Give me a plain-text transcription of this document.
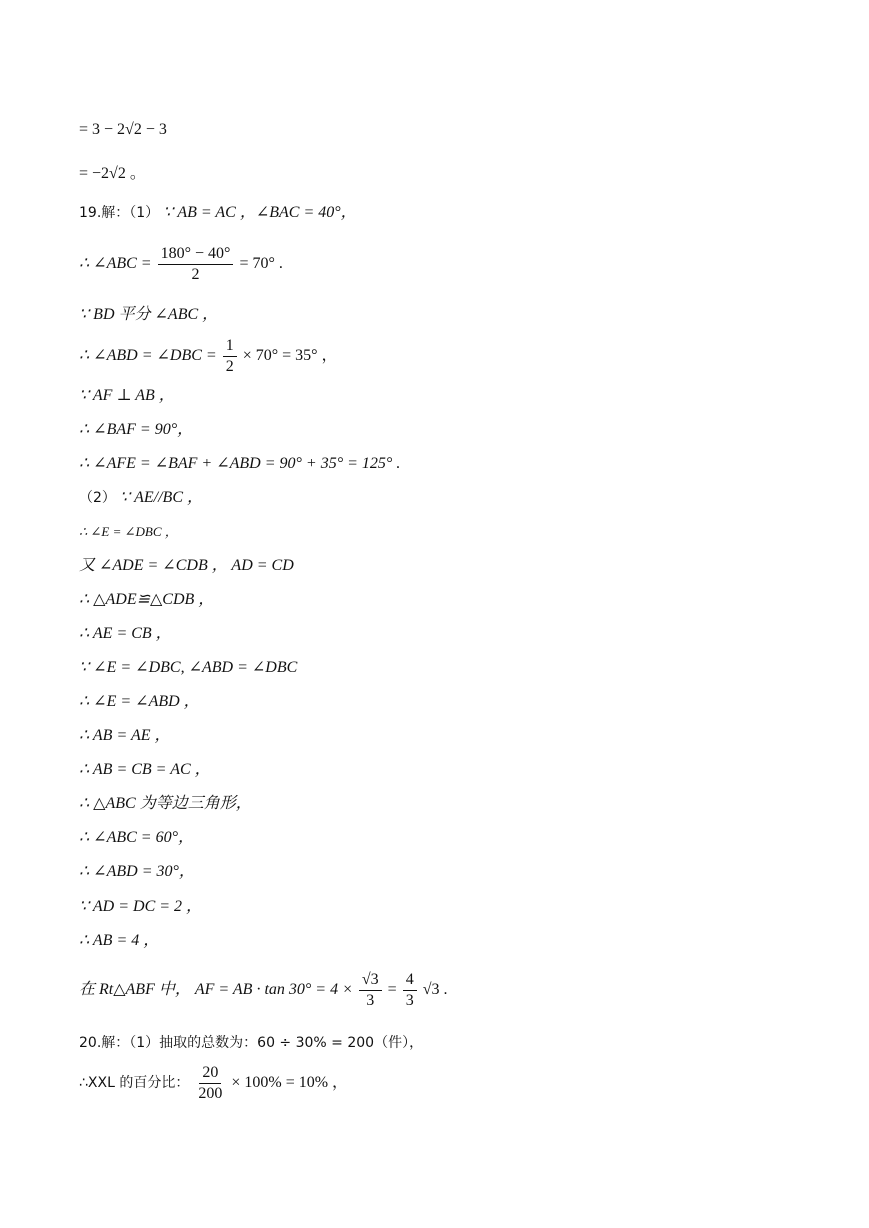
= 3 − 2√2 − 3
= −2√2 。
19.解：（1） ∵ AB = AC ，∠BAC = 40°，
∴ ∠ABC = $\frac{180^\circ - 40^\circ}{2} = 70^\circ$ .
∵ BD 平分 ∠ABC ，
∴ ∠ABD = ∠DBC = $\frac{1}{2} \times 70^\circ = 35^\circ$ ，
∵ AF ⊥ AB ，
∴ ∠BAF = 90°，
∴ ∠AFE = ∠BAF + ∠ABD = 90° + 35° = 125° .
（2） ∵ AE//BC ，
∴ ∠E = ∠DBC ，
又 ∠ADE = ∠CDB ， AD = CD
∴ △ADE≌△CDB ，
∴ AE = CB ，
∵ ∠E = ∠DBC, ∠ABD = ∠DBC
∴ ∠E = ∠ABD ，
∴ AB = AE ，
∴ AB = CB = AC ，
∴ △ABC 为等边三角形，
∴ ∠ABC = 60°，
∴ ∠ABD = 30°，
∵ AD = DC = 2 ，
∴ AB = 4 ，
在 Rt△ABF 中， AF = AB · $\tan 30^\circ = 4 \times \frac{√3}{3} = \frac{4}{3} √3$ .
20.解：（1）抽取的总数为：60 ÷ 30% = 200（件），
∴XXL 的百分比： $\frac{20}{200} \times 100\% = 10\%$ ，
